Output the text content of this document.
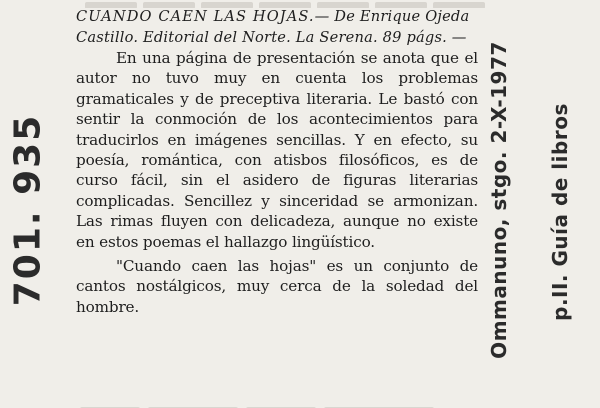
CUANDO CAEN LAS HOJAS.— De Enrique Ojeda Castillo. Editorial del Norte. La Serena. 89 págs. —

En una página de presentación se anota que el autor no tuvo muy en cuenta los problemas gramaticales y de preceptiva literaria. Le bastó con sentir la conmoción de los acontecimientos para traducirlos en imágenes sencillas. Y en efecto, su poesía, romántica, con atisbos filosóficos, es de curso fácil, sin el asidero de figuras literarias complicadas. Sencillez y sinceridad se armonizan. Las rimas fluyen con delicadeza, aunque no existe en estos poemas el hallazgo lingüístico.

"Cuando caen las hojas" es un conjunto de cantos nostálgicos, muy cerca de la soledad del hombre.

701. 935	Ommanuno, stgo. 2-X-1977 p.II. Guía de libros
